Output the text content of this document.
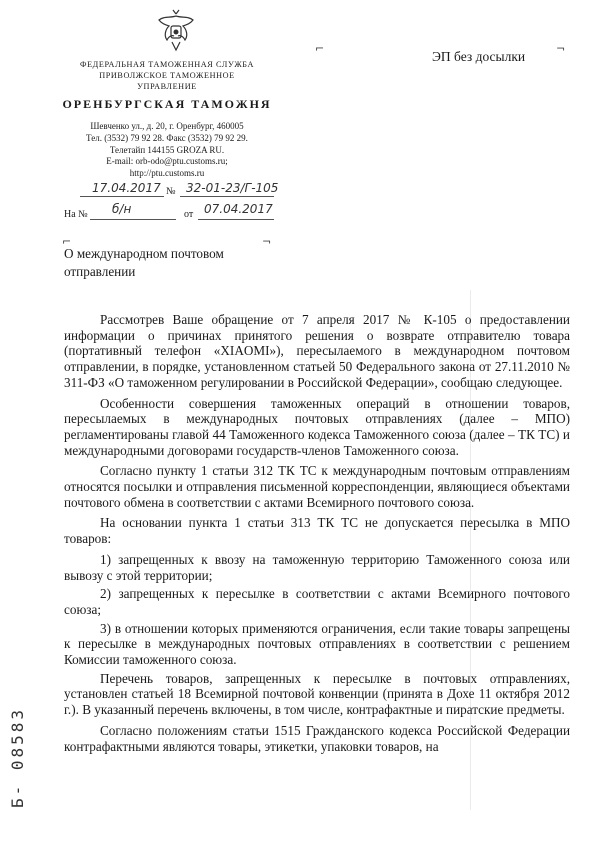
ФЕДЕРАЛЬНАЯ ТАМОЖЕННАЯ СЛУЖБА
ПРИВОЛЖСКОЕ ТАМОЖЕННОЕ
УПРАВЛЕНИЕ
ОРЕНБУРГСКАЯ ТАМОЖНЯ
Шевченко ул., д. 20, г. Оренбург, 460005
Тел. (3532) 79 92 28. Факс (3532) 79 92 29.
Телетайп 144155 GROZA RU.
E-mail: orb-odo@ptu.customs.ru;
http://ptu.customs.ru
17.04.2017 № 32-01-23/Г-105
На № б/н	от 07.04.2017
⌐	¬
ЭП без досылки
⌐	¬
О международном почтовом
отправлении

Рассмотрев Ваше обращение от 7 апреля 2017 № К-105 о предоставлении информации о причинах принятого решения о возврате отправителю товара (портативный телефон «XIAOMI»), пересылаемого в международном почтовом отправлении, в порядке, установленном статьей 50 Федерального закона от 27.11.2010 № 311-ФЗ «О таможенном регулировании в Российской Федерации», сообщаю следующее.

Особенности совершения таможенных операций в отношении товаров, пересылаемых в международных почтовых отправлениях (далее – МПО) регламентированы главой 44 Таможенного кодекса Таможенного союза (далее – ТК ТС) и международными договорами государств-членов Таможенного союза.

Согласно пункту 1 статьи 312 ТК ТС к международным почтовым отправлениям относятся посылки и отправления письменной корреспонденции, являющиеся объектами почтового обмена в соответствии с актами Всемирного почтового союза.

На основании пункта 1 статьи 313 ТК ТС не допускается пересылка в МПО товаров:

1) запрещенных к ввозу на таможенную территорию Таможенного союза или вывозу с этой территории;

2) запрещенных к пересылке в соответствии с актами Всемирного почтового союза;

3) в отношении которых применяются ограничения, если такие товары запрещены к пересылке в международных почтовых отправлениях в соответствии с решением Комиссии таможенного союза.

Перечень товаров, запрещенных к пересылке в почтовых отправлениях, установлен статьей 18 Всемирной почтовой конвенции (принята в Дохе 11 октября 2012 г.). В указанный перечень включены, в том числе, контрафактные и пиратские предметы.

Согласно положениям статьи 1515 Гражданского кодекса Российской Федерации контрафактными являются товары, этикетки, упаковки товаров, на

Б- 08583
